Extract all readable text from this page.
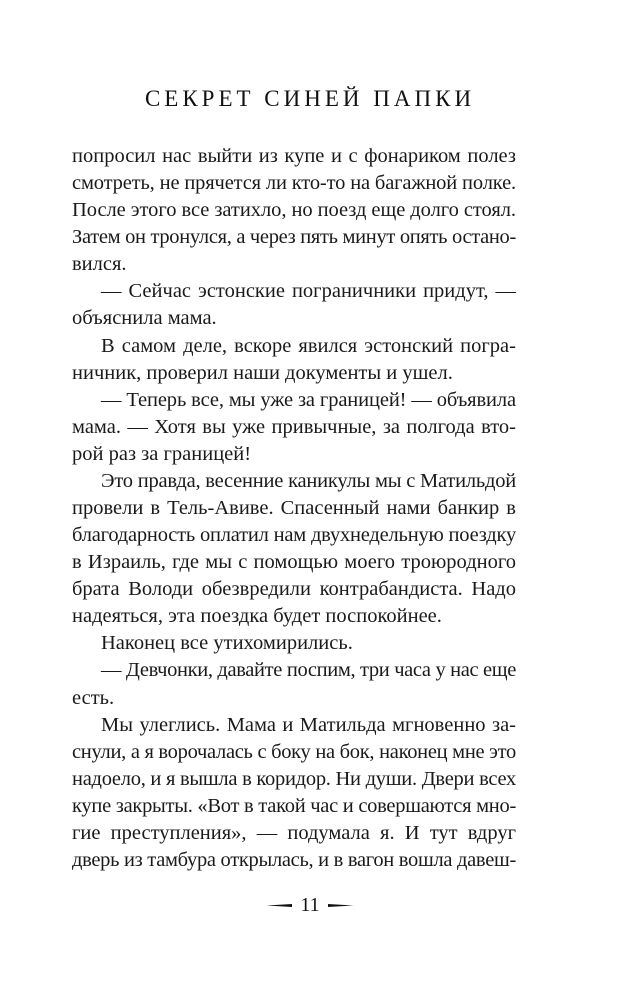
СЕКРЕТ СИНЕЙ ПАПКИ
попросил нас выйти из купе и с фонариком полез
смотреть, не прячется ли кто-то на багажной полке.
После этого все затихло, но поезд еще долго стоял.
Затем он тронулся, а через пять минут опять остано-
вился.
— Сейчас эстонские пограничники придут, —
объяснила мама.
В самом деле, вскоре явился эстонский погра-
ничник, проверил наши документы и ушел.
— Теперь все, мы уже за границей! — объявила
мама. — Хотя вы уже привычные, за полгода вто-
рой раз за границей!
Это правда, весенние каникулы мы с Матильдой
провели в Тель-Авиве. Спасенный нами банкир в
благодарность оплатил нам двухнедельную поездку
в Израиль, где мы с помощью моего троюродного
брата Володи обезвредили контрабандиста. Надо
надеяться, эта поездка будет поспокойнее.
Наконец все утихомирились.
— Девчонки, давайте поспим, три часа у нас еще
есть.
Мы улеглись. Мама и Матильда мгновенно за-
снули, а я ворочалась с боку на бок, наконец мне это
надоело, и я вышла в коридор. Ни души. Двери всех
купе закрыты. «Вот в такой час и совершаются мно-
гие преступления», — подумала я. И тут вдруг
дверь из тамбура открылась, и в вагон вошла давеш-
11
